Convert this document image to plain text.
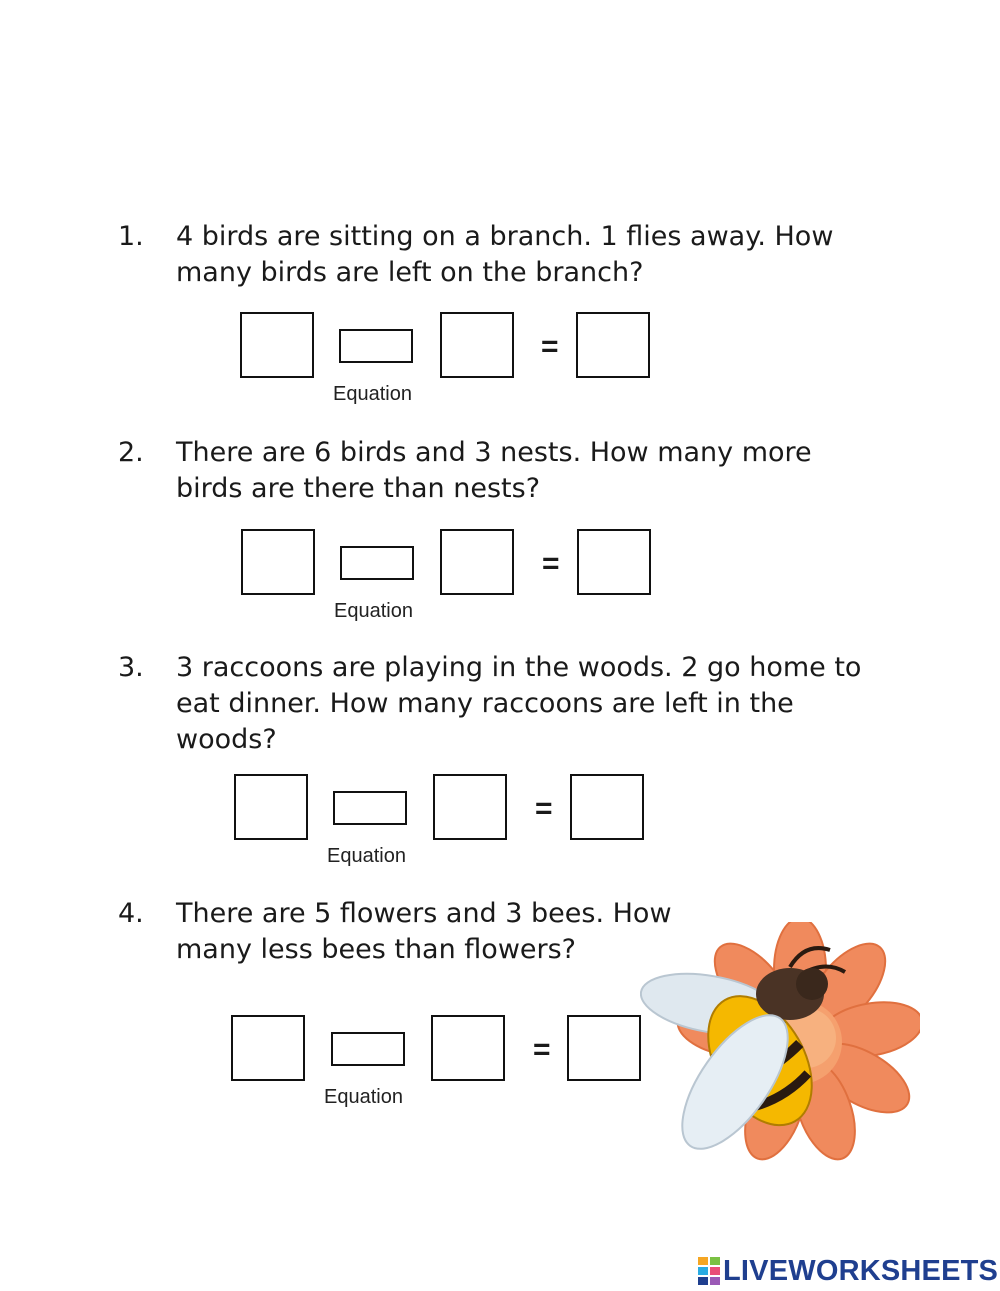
1. 4 birds are sitting on a branch. 1 flies away. How many birds are left on the branch?

=
Equation
2. There are 6 birds and 3 nests. How many more birds are there than nests?

=
Equation
3. 3 raccoons are playing in the woods. 2 go home to eat dinner. How many raccoons are left in the woods?

=
Equation
4. There are 5 flowers and 3 bees. How many less bees than flowers?

=
Equation
LIVEWORKSHEETS
